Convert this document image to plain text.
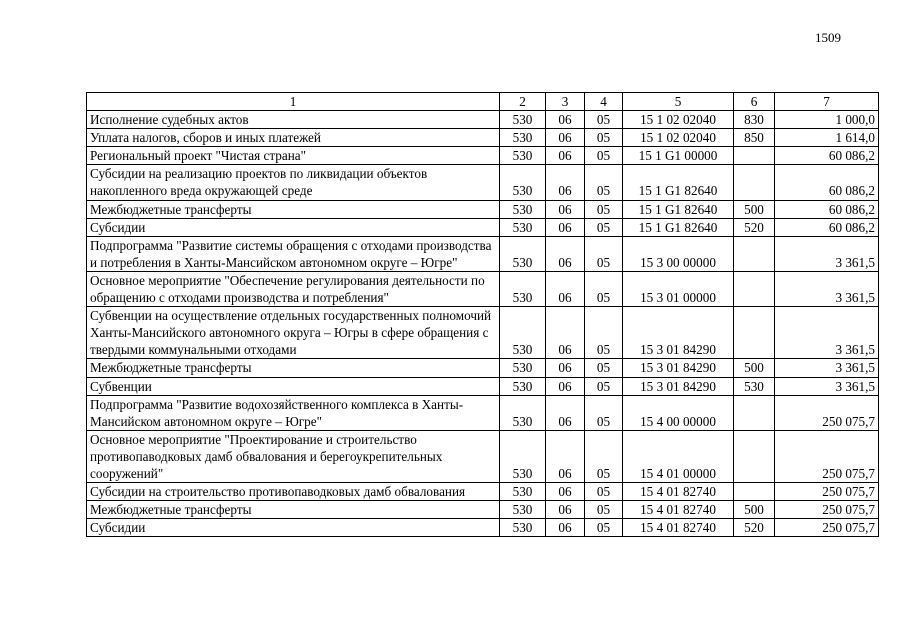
1509
1	2	3	4	5	6	7
Исполнение судебных актов	530	06	05	15 1 02 02040	830	1 000,0
Уплата налогов, сборов и иных платежей	530	06	05	15 1 02 02040	850	1 614,0
Региональный проект "Чистая страна"	530	06	05	15 1 G1 00000		60 086,2
Субсидии на реализацию проектов по ликвидации объектов накопленного вреда окружающей среде	530	06	05	15 1 G1 82640		60 086,2
Межбюджетные трансферты	530	06	05	15 1 G1 82640	500	60 086,2
Субсидии	530	06	05	15 1 G1 82640	520	60 086,2
Подпрограмма "Развитие системы обращения с отходами производства и потребления в Ханты-Мансийском автономном округе – Югре"	530	06	05	15 3 00 00000		3 361,5
Основное мероприятие "Обеспечение регулирования деятельности по обращению с отходами производства и потребления"	530	06	05	15 3 01 00000		3 361,5
Субвенции на осуществление отдельных государственных полномочий Ханты-Мансийского автономного округа – Югры в сфере обращения с твердыми коммунальными отходами	530	06	05	15 3 01 84290		3 361,5
Межбюджетные трансферты	530	06	05	15 3 01 84290	500	3 361,5
Субвенции	530	06	05	15 3 01 84290	530	3 361,5
Подпрограмма "Развитие водохозяйственного комплекса в Ханты-Мансийском автономном округе – Югре"	530	06	05	15 4 00 00000		250 075,7
Основное мероприятие "Проектирование и строительство противопаводковых дамб обвалования и берегоукрепительных сооружений"	530	06	05	15 4 01 00000		250 075,7
Субсидии на строительство противопаводковых дамб обвалования	530	06	05	15 4 01 82740		250 075,7
Межбюджетные трансферты	530	06	05	15 4 01 82740	500	250 075,7
Субсидии	530	06	05	15 4 01 82740	520	250 075,7
